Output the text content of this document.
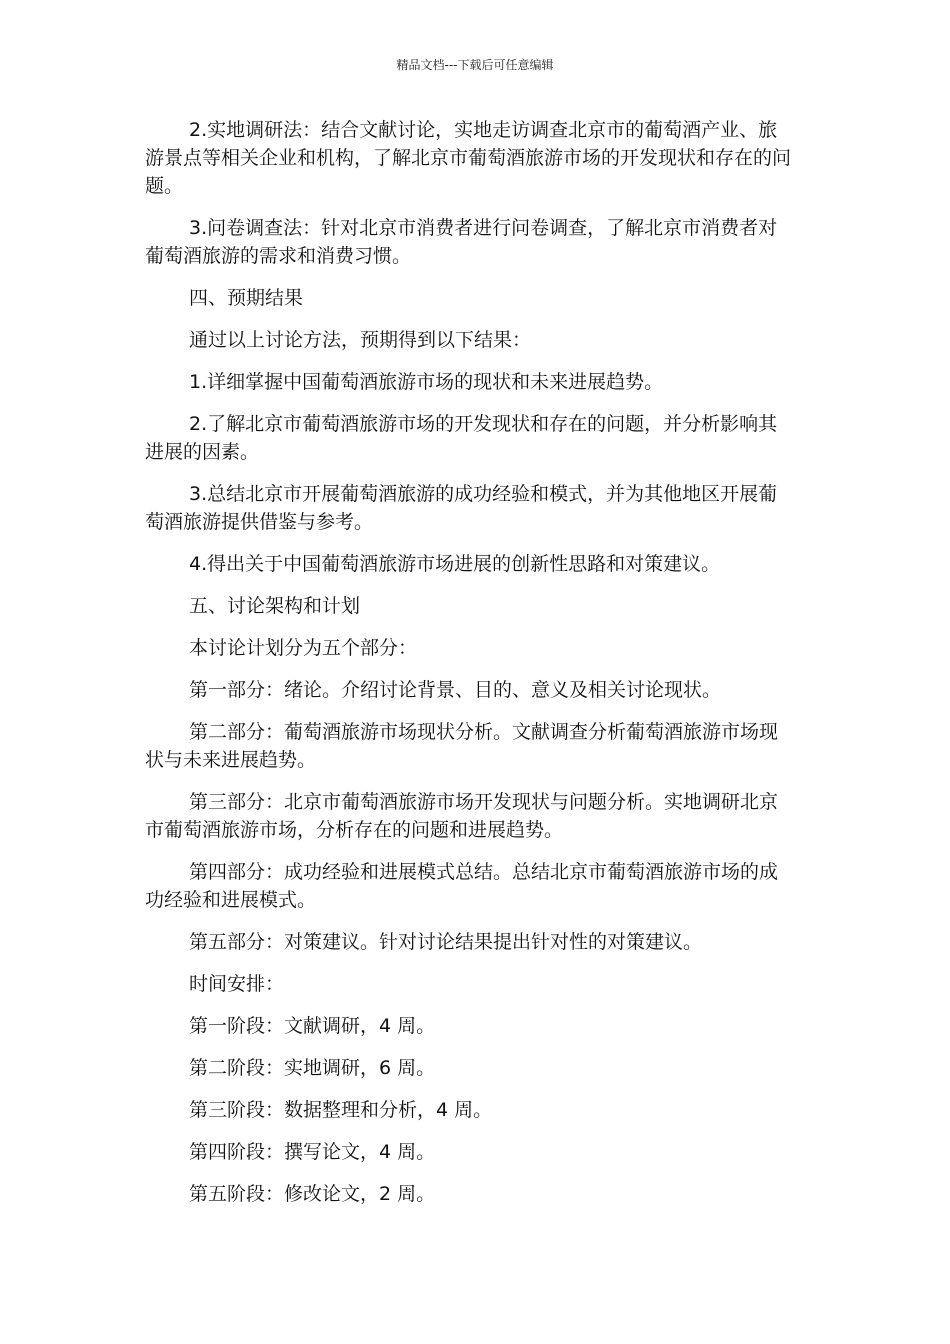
精品文档---下载后可任意编辑

2.实地调研法：结合文献讨论，实地走访调查北京市的葡萄酒产业、旅游景点等相关企业和机构，了解北京市葡萄酒旅游市场的开发现状和存在的问题。

3.问卷调查法：针对北京市消费者进行问卷调查，了解北京市消费者对葡萄酒旅游的需求和消费习惯。

四、预期结果

通过以上讨论方法，预期得到以下结果：

1.详细掌握中国葡萄酒旅游市场的现状和未来进展趋势。

2.了解北京市葡萄酒旅游市场的开发现状和存在的问题，并分析影响其进展的因素。

3.总结北京市开展葡萄酒旅游的成功经验和模式，并为其他地区开展葡萄酒旅游提供借鉴与参考。

4.得出关于中国葡萄酒旅游市场进展的创新性思路和对策建议。

五、讨论架构和计划

本讨论计划分为五个部分：

第一部分：绪论。介绍讨论背景、目的、意义及相关讨论现状。

第二部分：葡萄酒旅游市场现状分析。文献调查分析葡萄酒旅游市场现状与未来进展趋势。

第三部分：北京市葡萄酒旅游市场开发现状与问题分析。实地调研北京市葡萄酒旅游市场，分析存在的问题和进展趋势。

第四部分：成功经验和进展模式总结。总结北京市葡萄酒旅游市场的成功经验和进展模式。

第五部分：对策建议。针对讨论结果提出针对性的对策建议。

时间安排：

第一阶段：文献调研，4 周。

第二阶段：实地调研，6 周。

第三阶段：数据整理和分析，4 周。

第四阶段：撰写论文，4 周。

第五阶段：修改论文，2 周。
